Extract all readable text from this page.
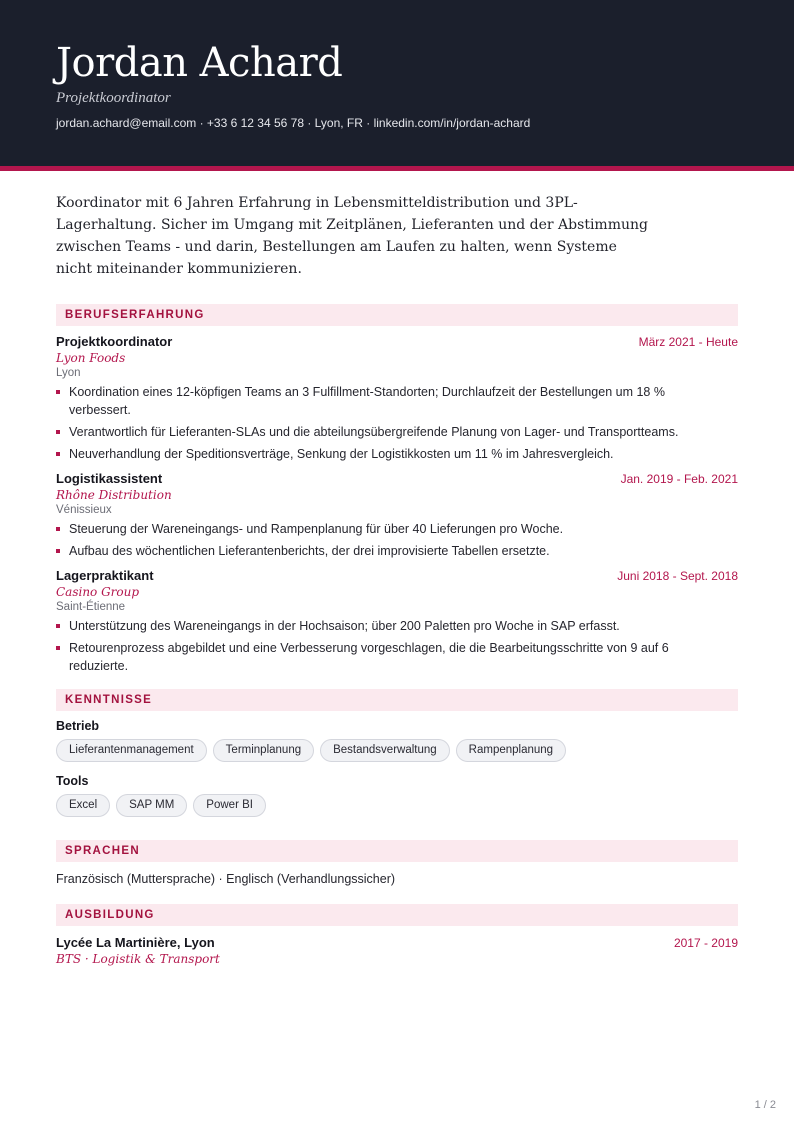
Jordan Achard
Projektkoordinator
jordan.achard@email.com · +33 6 12 34 56 78 · Lyon, FR · linkedin.com/in/jordan-achard

Koordinator mit 6 Jahren Erfahrung in Lebensmitteldistribution und 3PL-Lagerhaltung. Sicher im Umgang mit Zeitplänen, Lieferanten und der Abstimmung zwischen Teams - und darin, Bestellungen am Laufen zu halten, wenn Systeme nicht miteinander kommunizieren.

BERUFSERFAHRUNG
Projektkoordinator	März 2021 - Heute
Lyon Foods
Lyon
Koordination eines 12-köpfigen Teams an 3 Fulfillment-Standorten; Durchlaufzeit der Bestellungen um 18 % verbessert.
Verantwortlich für Lieferanten-SLAs und die abteilungsübergreifende Planung von Lager- und Transportteams.
Neuverhandlung der Speditionsverträge, Senkung der Logistikkosten um 11 % im Jahresvergleich.
Logistikassistent	Jan. 2019 - Feb. 2021
Rhône Distribution
Vénissieux
Steuerung der Wareneingangs- und Rampenplanung für über 40 Lieferungen pro Woche.
Aufbau des wöchentlichen Lieferantenberichts, der drei improvisierte Tabellen ersetzte.
Lagerpraktikant	Juni 2018 - Sept. 2018
Casino Group
Saint-Étienne
Unterstützung des Wareneingangs in der Hochsaison; über 200 Paletten pro Woche in SAP erfasst.
Retourenprozess abgebildet und eine Verbesserung vorgeschlagen, die die Bearbeitungsschritte von 9 auf 6 reduzierte.
KENNTNISSE
Betrieb
Lieferantenmanagement	Terminplanung	Bestandsverwaltung	Rampenplanung
Tools
Excel	SAP MM	Power BI
SPRACHEN
Französisch (Muttersprache) · Englisch (Verhandlungssicher)
AUSBILDUNG
Lycée La Martinière, Lyon	2017 - 2019
BTS · Logistik & Transport
1 / 2
